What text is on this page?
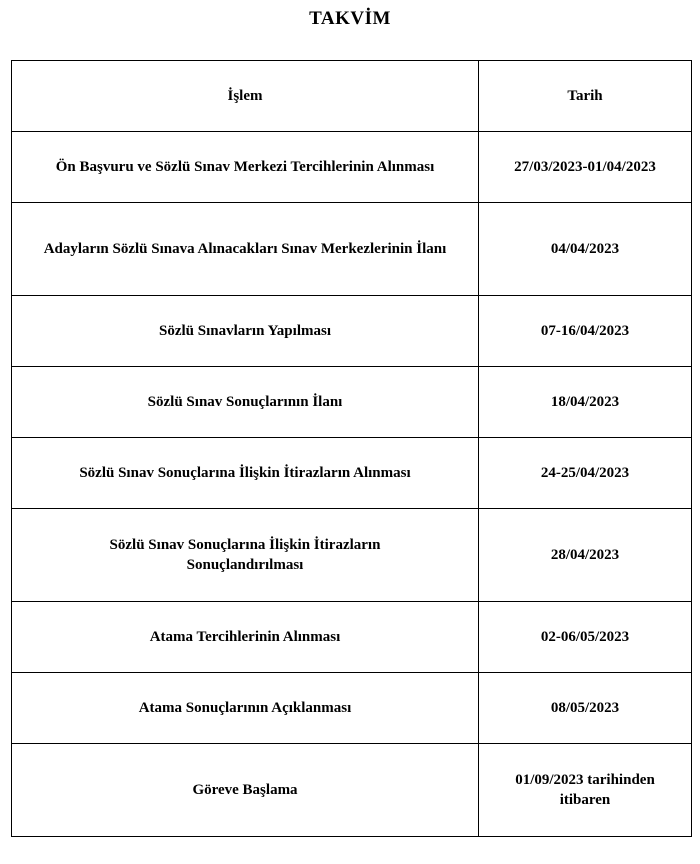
TAKVİM
İşlem	Tarih
Ön Başvuru ve Sözlü Sınav Merkezi Tercihlerinin Alınması	27/03/2023-01/04/2023
Adayların Sözlü Sınava Alınacakları Sınav Merkezlerinin İlanı	04/04/2023
Sözlü Sınavların Yapılması	07-16/04/2023
Sözlü Sınav Sonuçlarının İlanı	18/04/2023
Sözlü Sınav Sonuçlarına İlişkin İtirazların Alınması	24-25/04/2023
Sözlü Sınav Sonuçlarına İlişkin İtirazların Sonuçlandırılması	28/04/2023
Atama Tercihlerinin Alınması	02-06/05/2023
Atama Sonuçlarının Açıklanması	08/05/2023
Göreve Başlama	01/09/2023 tarihinden itibaren
